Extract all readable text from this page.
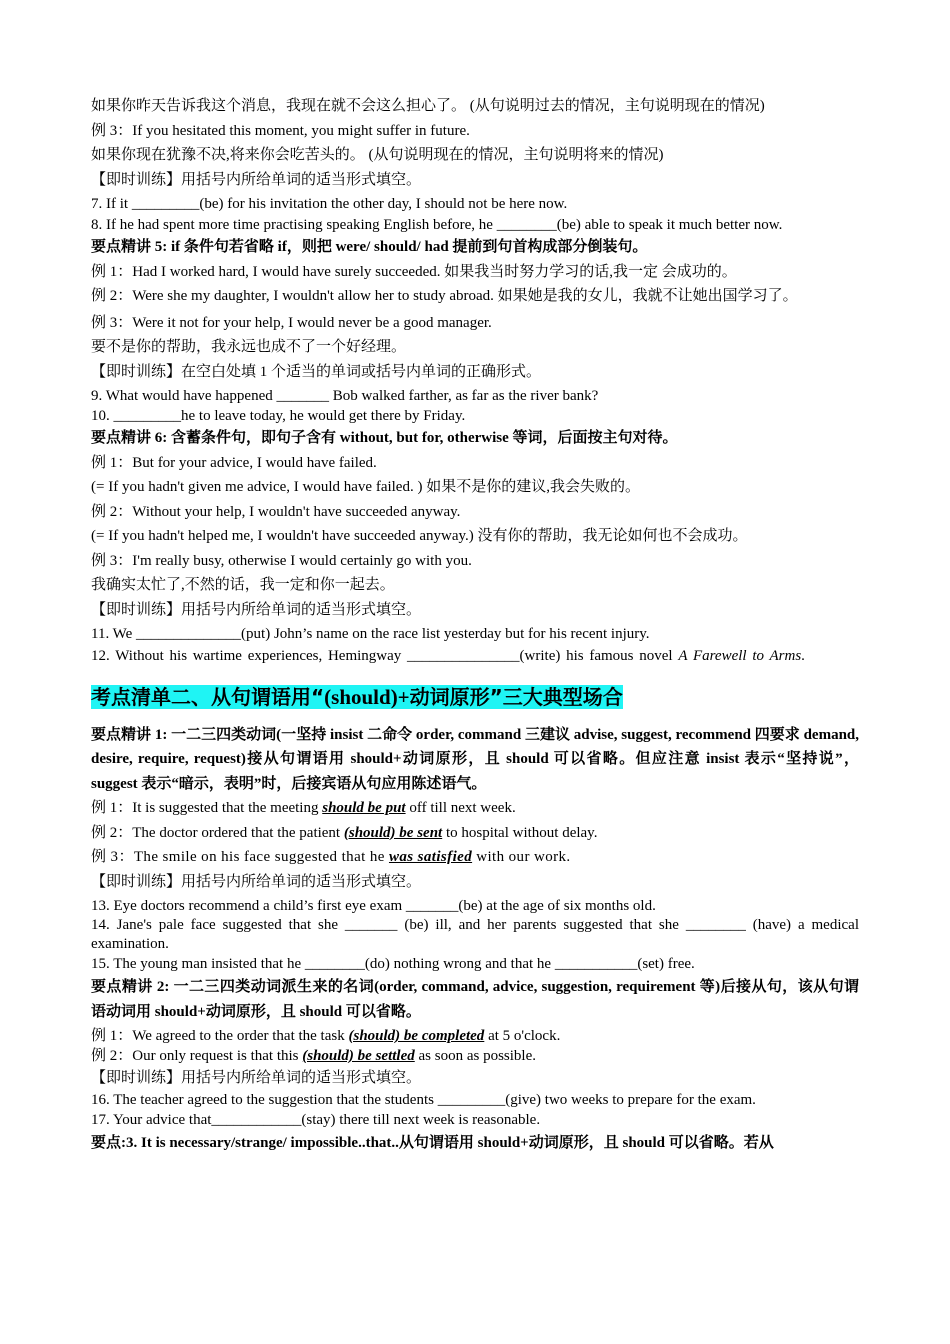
如果你昨天告诉我这个消息，我现在就不会这么担心了。 (从句说明过去的情况，主句说明现在的情况)

例 3：If you hesitated this moment, you might suffer in future.

如果你现在犹豫不决,将来你会吃苦头的。 (从句说明现在的情况，主句说明将来的情况)

【即时训练】用括号内所给单词的适当形式填空。

7. If it _________(be) for his invitation the other day, I should not be here now.

8. If he had spent more time practising speaking English before, he ________(be) able to speak it much better now.

要点精讲 5: if 条件句若省略 if，则把 were/ should/ had 提前到句首构成部分倒装句。

例 1：Had I worked hard, I would have surely succeeded. 如果我当时努力学习的话,我一定 会成功的。

例 2：Were she my daughter, I wouldn't allow her to study abroad. 如果她是我的女儿，我就不让她出国学习了。

例 3：Were it not for your help, I would never be a good manager.

要不是你的帮助，我永远也成不了一个好经理。

【即时训练】在空白处填 1 个适当的单词或括号内单词的正确形式。

9. What would have happened _______ Bob walked farther, as far as the river bank?

10. _________he to leave today, he would get there by Friday.

要点精讲 6: 含蓄条件句，即句子含有 without, but for, otherwise 等词，后面按主句对待。

例 1：But for your advice, I would have failed.

(= If you hadn't given me advice, I would have failed. ) 如果不是你的建议,我会失败的。

例 2：Without your help, I wouldn't have succeeded anyway.

(= If you hadn't helped me, I wouldn't have succeeded anyway.) 没有你的帮助，我无论如何也不会成功。

例 3：I'm really busy, otherwise I would certainly go with you.

我确实太忙了,不然的话，我一定和你一起去。

【即时训练】用括号内所给单词的适当形式填空。

11. We ______________(put) John’s name on the race list yesterday but for his recent injury.

12. Without his wartime experiences, Hemingway _______________(write) his famous novel A Farewell to Arms.

考点清单二、从句谓语用“(should)+动词原形”三大典型场合

要点精讲 1: 一二三四类动词(一坚持 insist 二命令 order, command 三建议 advise, suggest, recommend 四要求 demand, desire, require, request)接从句谓语用 should+动词原形，且 should 可以省略。但应注意 insist 表示“坚持说”， suggest 表示“暗示，表明”时，后接宾语从句应用陈述语气。

例 1：It is suggested that the meeting should be put off till next week.

例 2：The doctor ordered that the patient (should) be sent to hospital without delay.

例 3：The smile on his face suggested that he was satisfied with our work.

【即时训练】用括号内所给单词的适当形式填空。

13. Eye doctors recommend a child’s first eye exam _______(be) at the age of six months old.

14. Jane's pale face suggested that she _______ (be) ill, and her parents suggested that she ________ (have) a medical examination.

15. The young man insisted that he ________(do) nothing wrong and that he ___________(set) free.

要点精讲 2: 一二三四类动词派生来的名词(order, command, advice, suggestion, requirement 等)后接从句，该从句谓语动词用 should+动词原形，且 should 可以省略。

例 1：We agreed to the order that the task (should) be completed at 5 o'clock.

例 2：Our only request is that this (should) be settled as soon as possible.

【即时训练】用括号内所给单词的适当形式填空。

16. The teacher agreed to the suggestion that the students _________(give) two weeks to prepare for the exam.

17. Your advice that____________(stay) there till next week is reasonable.

要点:3. It is necessary/strange/ impossible..that..从句谓语用 should+动词原形，且 should 可以省略。若从
